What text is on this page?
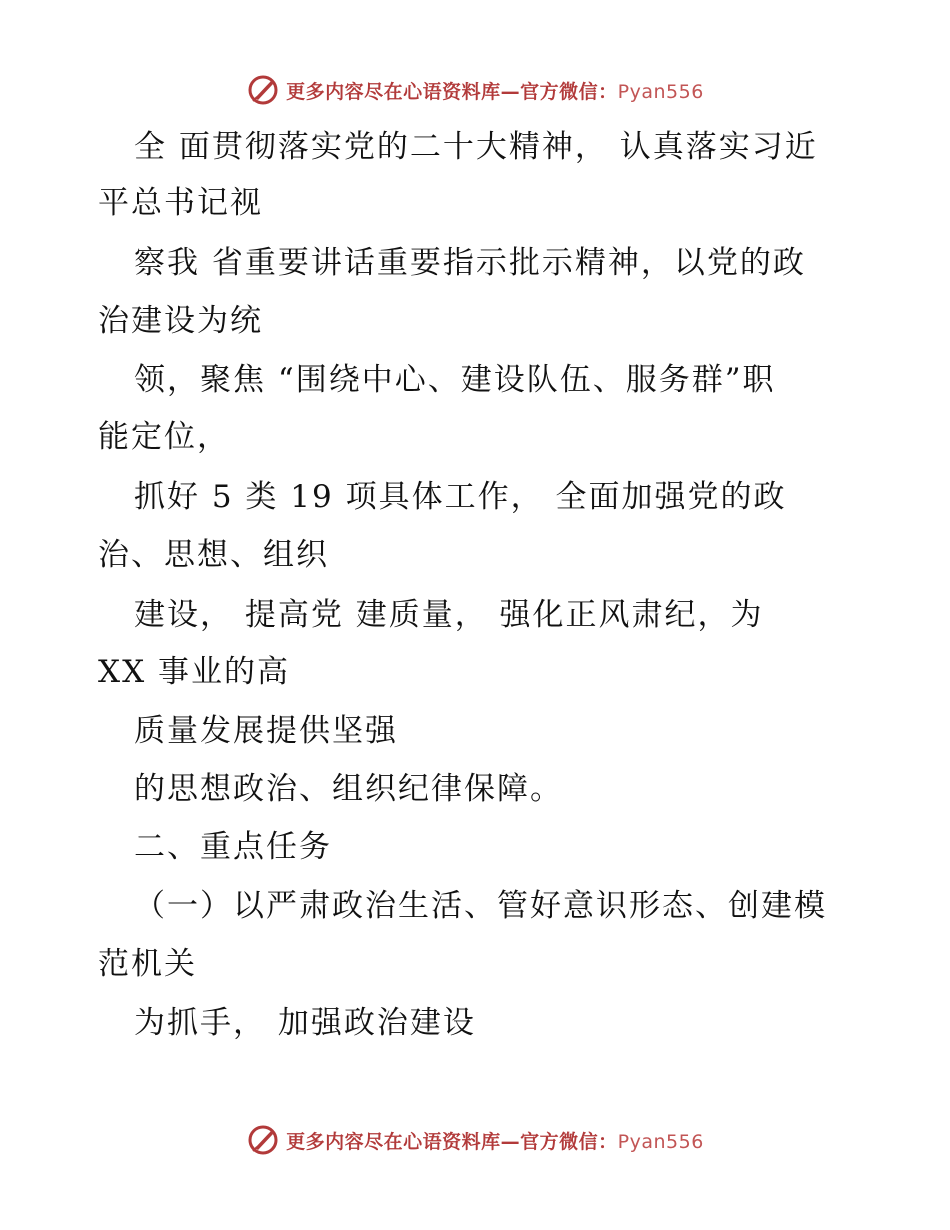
更多内容尽在心语资料库—官方微信：Pyan556
全 面贯彻落实党的二十大精神， 认真落实习近
平总书记视
察我 省重要讲话重要指示批示精神，以党的政
治建设为统
领，聚焦 “围绕中心、建设队伍、服务群”职
能定位，
抓好 5 类 19 项具体工作， 全面加强党的政
治、思想、组织
建设， 提高党 建质量， 强化正风肃纪，为
XX 事业的高
质量发展提供坚强
的思想政治、组织纪律保障。
二、重点任务
（一）以严肃政治生活、管好意识形态、创建模
范机关
为抓手， 加强政治建设
更多内容尽在心语资料库—官方微信：Pyan556
